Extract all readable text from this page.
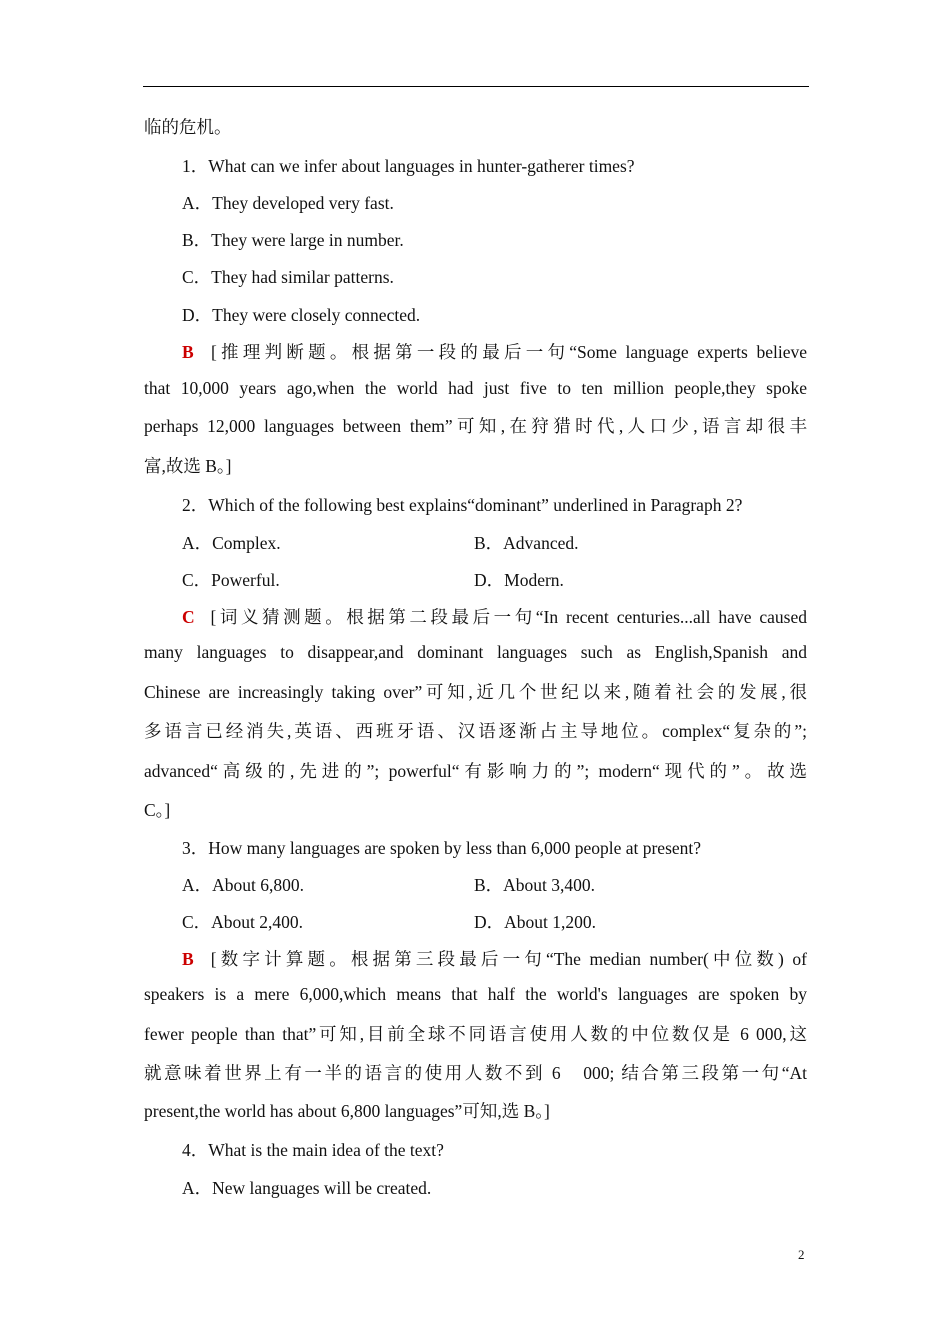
临的危机。
1．What can we infer about languages in hunter-gatherer times?
A．They developed very fast.
B．They were large in number.
C．They had similar patterns.
D．They were closely connected.
B [推理判断题。根据第一段的最后一句“Some language experts believe
that 10,000 years ago,when the world had just five to ten million people,they spoke
perhaps 12,000 languages between them”可知,在狩猎时代,人口少,语言却很丰
富,故选 B。]
2．Which of the following best explains“dominant” underlined in Paragraph 2?
A．Complex.	B．Advanced.
C．Powerful.	D．Modern.
C [词义猜测题。根据第二段最后一句“In recent centuries...all have caused
many languages to disappear,and dominant languages such as English,Spanish and
Chinese are increasingly taking over”可知,近几个世纪以来,随着社会的发展,很
多语言已经消失,英语、西班牙语、汉语逐渐占主导地位。complex“复杂的”;
advanced“高级的,先进的”; powerful“有影响力的”; modern“现代的”。故选
C。]
3．How many languages are spoken by less than 6,000 people at present?
A．About 6,800.	B．About 3,400.
C．About 2,400.	D．About 1,200.
B [数字计算题。根据第三段最后一句“The median number(中位数) of
speakers is a mere 6,000,which means that half the world's languages are spoken by
fewer people than that”可知,目前全球不同语言使用人数的中位数仅是 6 000,这
就意味着世界上有一半的语言的使用人数不到 6　000; 结合第三段第一句“At
present,the world has about 6,800 languages”可知,选 B。]
4．What is the main idea of the text?
A．New languages will be created.
2
